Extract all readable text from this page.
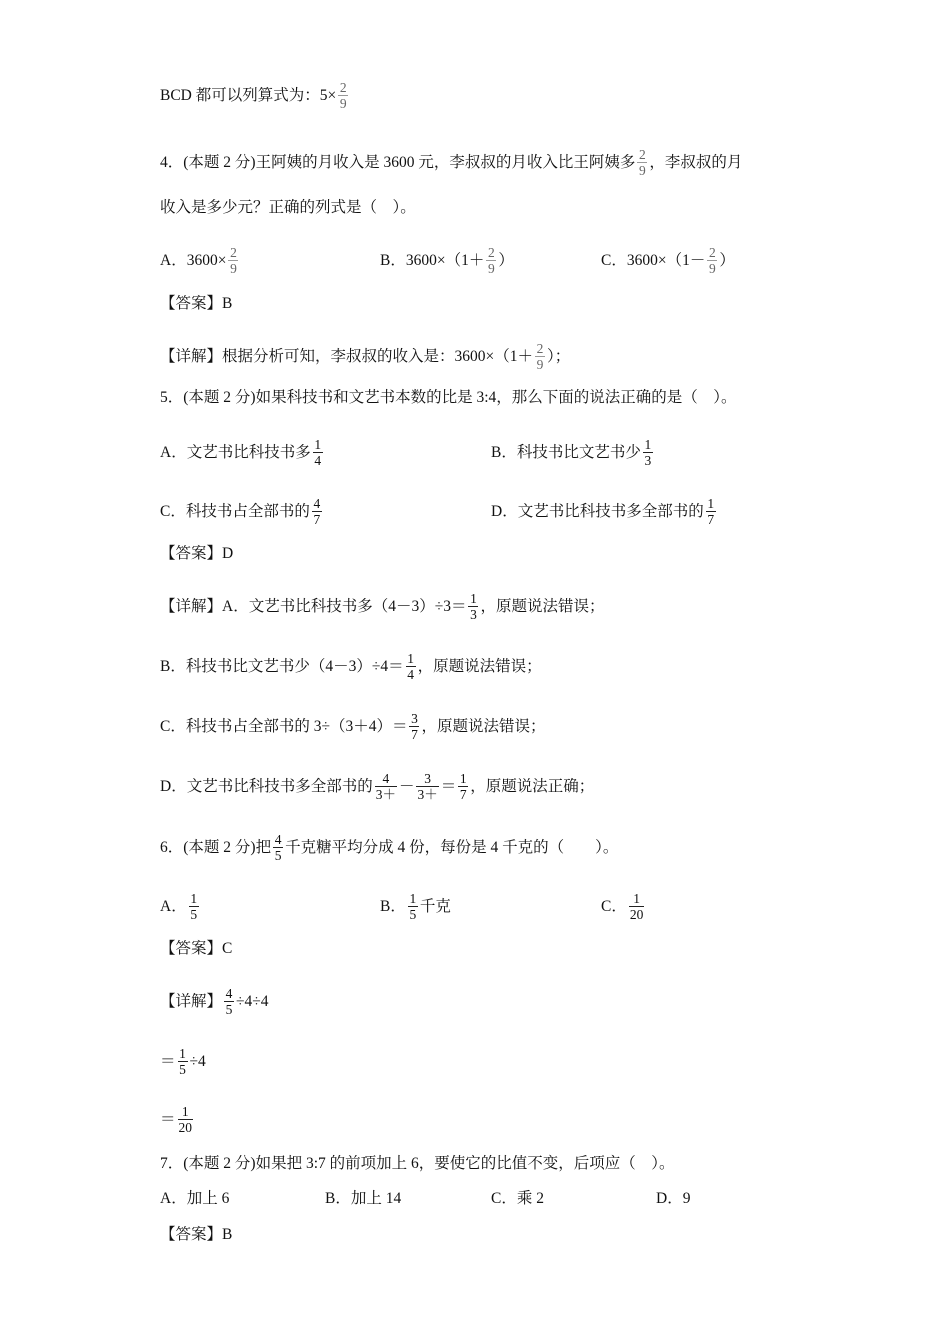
BCD 都可以列算式为：$5\times \frac{2}{9}$
4．(本题 2 分)王阿姨的月收入是 3600 元，李叔叔的月收入比王阿姨多 2
9 ，李叔叔的月
收入是多少元？正确的列式是（　）。
A．$3600\times \frac{2}{9}$	B．3600×（1＋ 2
9 ）	C．3600×（1－ 2
9 ）
【答案】B
【详解】根据分析可知，李叔叔的收入是：3600×（1＋ 2
9 ）；
5．(本题 2 分)如果科技书和文艺书本数的比是 3:4，那么下面的说法正确的是（　）。
A．文艺书比科技书多 1
4	B．科技书比文艺书少 1
3
C．科技书占全部书的 4
7	D．文艺书比科技书多全部书的 1
7
【答案】D
【详解】A．文艺书比科技书多（4－3）÷3＝ 1
3 ，原题说法错误；
B．科技书比文艺书少（4－3）÷4＝ 1
4 ，原题说法错误；
C．科技书占全部书的 3÷（3＋4）＝ 3
7 ，原题说法错误；
D．文艺书比科技书多全部书的 4
3＋ － 3
3＋ ＝ 1
7 ，原题说法正确；
6．(本题 2 分)把 4
5 千克糖平均分成 4 份，每份是 4 千克的（　　）。
A． 1
5	B． 1
5 千克	C． 1
20
【答案】C
【详解】 $\frac{4}{5} \div 4\div 4$
＝ $\frac{1}{5} \div 4$
＝ 1
20
7．(本题 2 分)如果把 3:7 的前项加上 6，要使它的比值不变，后项应（　）。
A．加上 6	B．加上 14	C．乘 2	D．9
【答案】B
